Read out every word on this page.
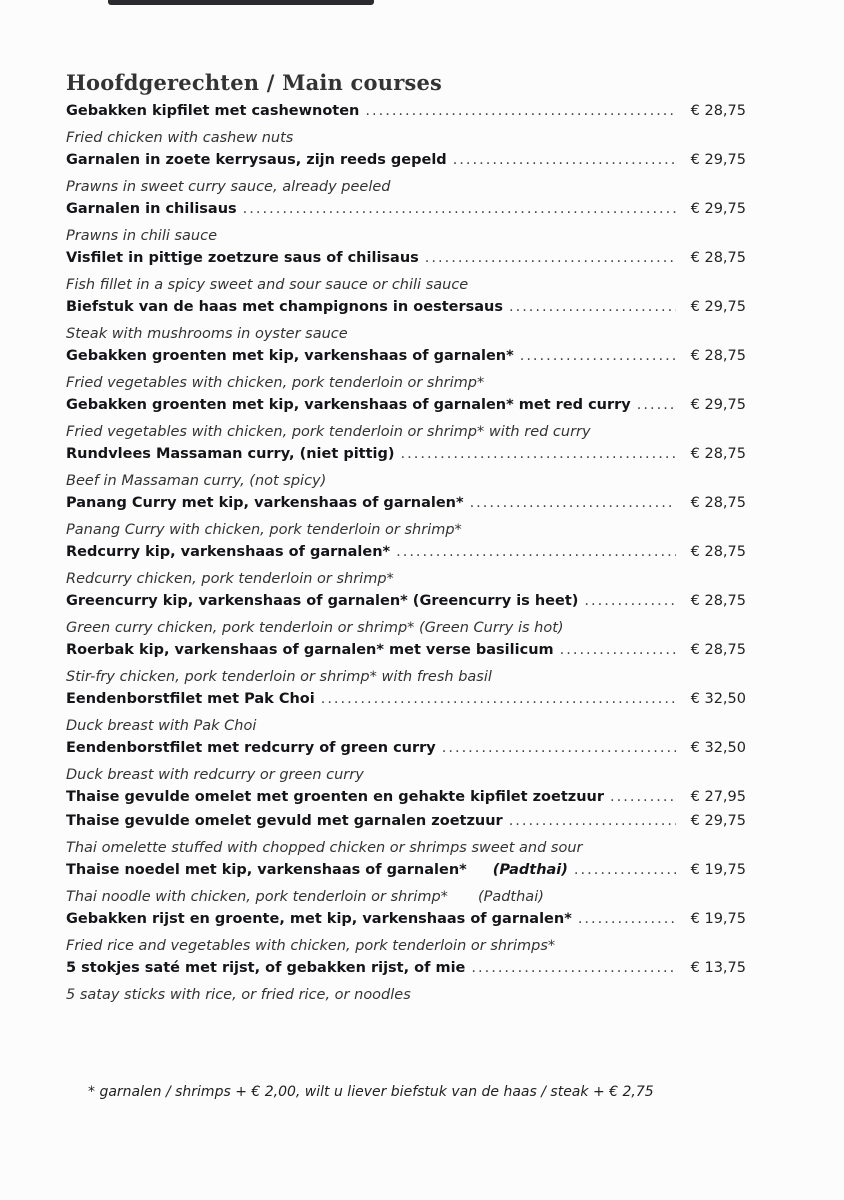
Hoofdgerechten / Main courses
Gebakken kipfilet met cashewnoten .....	€ 28,75
Fried chicken with cashew nuts
Garnalen in zoete kerrysaus, zijn reeds gepeld .....	€ 29,75
Prawns in sweet curry sauce, already peeled
Garnalen in chilisaus .....	€ 29,75
Prawns in chili sauce
Visfilet in pittige zoetzure saus of chilisaus .....	€ 28,75
Fish fillet in a spicy sweet and sour sauce or chili sauce
Biefstuk van de haas met champignons in oestersaus .....	€ 29,75
Steak with mushrooms in oyster sauce
Gebakken groenten met kip, varkenshaas of garnalen* .....	€ 28,75
Fried vegetables with chicken, pork tenderloin or shrimp*
Gebakken groenten met kip, varkenshaas of garnalen* met red curry .....	€ 29,75
Fried vegetables with chicken, pork tenderloin or shrimp* with red curry
Rundvlees Massaman curry, (niet pittig) .....	€ 28,75
Beef in Massaman curry, (not spicy)
Panang Curry met kip, varkenshaas of garnalen* .....	€ 28,75
Panang Curry with chicken, pork tenderloin or shrimp*
Redcurry kip, varkenshaas of garnalen* .....	€ 28,75
Redcurry chicken, pork tenderloin or shrimp*
Greencurry kip, varkenshaas of garnalen* (Greencurry is heet) .....	€ 28,75
Green curry chicken, pork tenderloin or shrimp* (Green Curry is hot)
Roerbak kip, varkenshaas of garnalen* met verse basilicum .....	€ 28,75
Stir-fry chicken, pork tenderloin or shrimp* with fresh basil
Eendenborstfilet met Pak Choi .....	€ 32,50
Duck breast with Pak Choi
Eendenborstfilet met redcurry of green curry .....	€ 32,50
Duck breast with redcurry or green curry
Thaise gevulde omelet met groenten en gehakte kipfilet zoetzuur .....	€ 27,95
Thaise gevulde omelet gevuld met garnalen zoetzuur .....	€ 29,75
Thai omelette stuffed with chopped chicken or shrimps sweet and sour
Thaise noedel met kip, varkenshaas of garnalen* (Padthai) .....	€ 19,75
Thai noodle with chicken, pork tenderloin or shrimp* (Padthai)
Gebakken rijst en groente, met kip, varkenshaas of garnalen* .....	€ 19,75
Fried rice and vegetables with chicken, pork tenderloin or shrimps*
5 stokjes saté met rijst, of gebakken rijst, of mie .....	€ 13,75
5 satay sticks with rice, or fried rice, or noodles
* garnalen / shrimps + € 2,00, wilt u liever biefstuk van de haas / steak + € 2,75
